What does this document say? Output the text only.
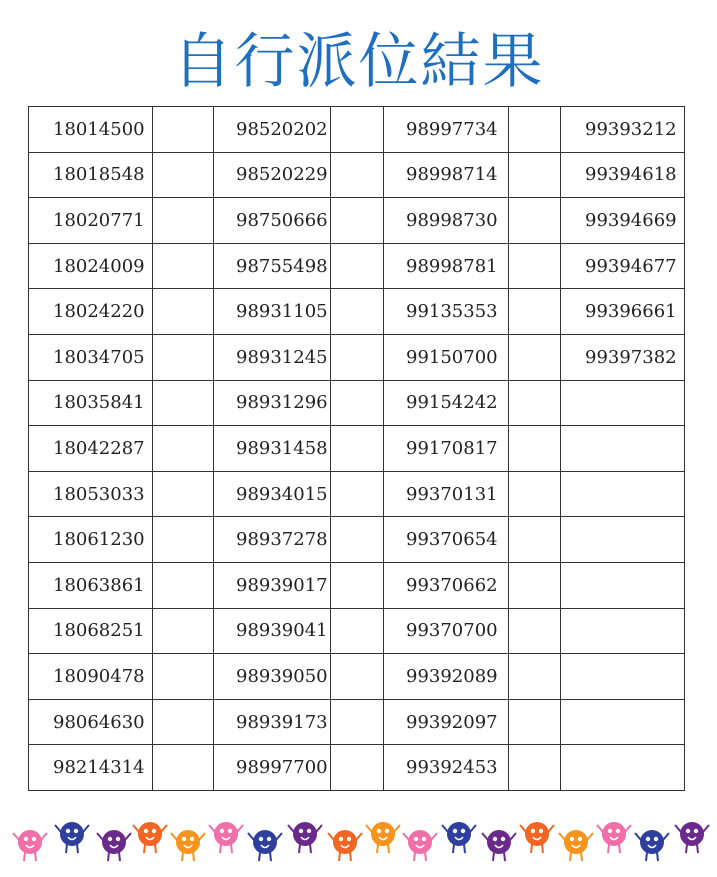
自行派位結果
18014500		98520202		98997734		99393212
18018548		98520229		98998714		99394618
18020771		98750666		98998730		99394669
18024009		98755498		98998781		99394677
18024220		98931105		99135353		99396661
18034705		98931245		99150700		99397382
18035841		98931296		99154242		
18042287		98931458		99170817		
18053033		98934015		99370131		
18061230		98937278		99370654		
18063861		98939017		99370662		
18068251		98939041		99370700		
18090478		98939050		99392089		
98064630		98939173		99392097		
98214314		98997700		99392453		
